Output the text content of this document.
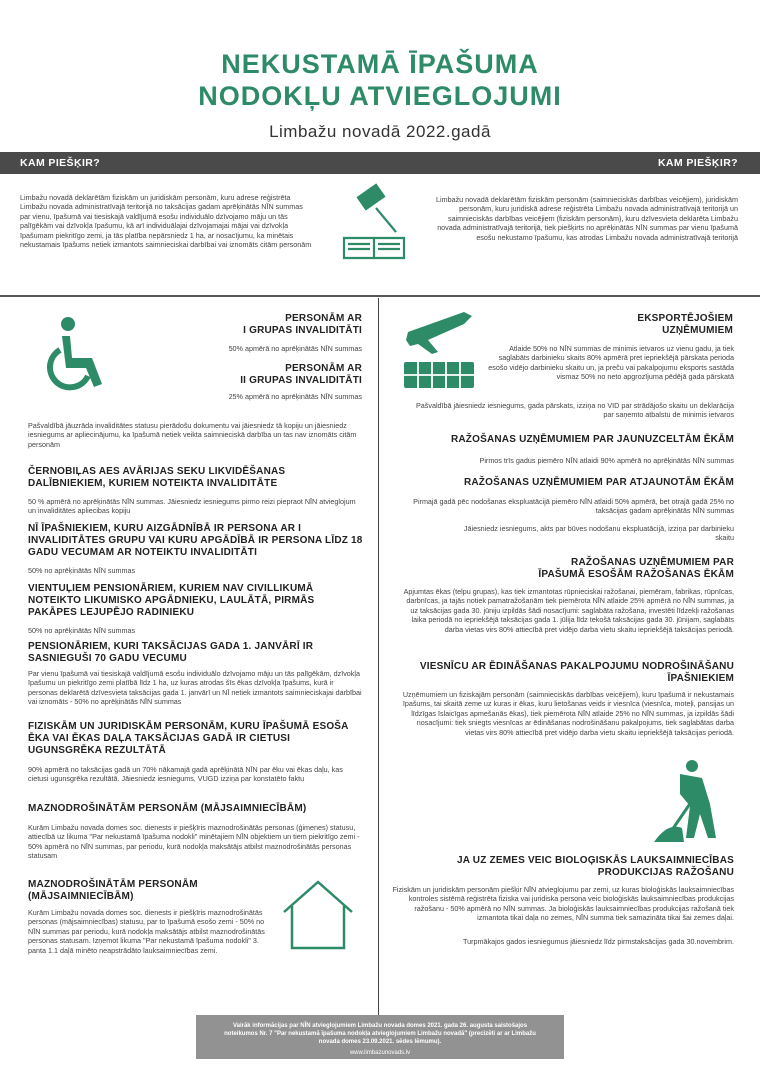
NEKUSTAMĀ ĪPAŠUMA
NODOKĻU ATVIEGLOJUMI
Limbažu novadā 2022.gadā
KAM PIEŠĶIR?	KAM PIEŠĶIR?
Limbažu novadā deklarētām fiziskām un juridiskām personām, kuru adrese reģistrēta Limbažu novada administratīvajā teritorijā no taksācijas gadam aprēķinātās NĪN summas par vienu, īpašumā vai tiesiskajā valdījumā esošu individuālo dzīvojamo māju un tās palīgēkām vai dzīvokļa īpašumu, kā arī individuālajai dzīvojamajai mājai vai dzīvokļa īpašumam piekritīgo zemi, ja tās platība nepārsniedz 1 ha, ar nosacījumu, ka minētais nekustamais īpašums netiek izmantots saimnieciskai darbībai vai iznomāts citām personām
Limbažu novadā deklarētām fiziskām personām (saimnieciskās darbības veicējiem), juridiskām personām, kuru juridiskā adrese reģistrēta Limbažu novada administratīvajā teritorijā un saimnieciskās darbības veicējiem (fiziskām personām), kuru dzīvesvieta deklarēta Limbažu novada administratīvajā teritorijā, tiek piešķirts no aprēķinātās NĪN summas par vienu īpašumā esošu nekustamo īpašumu, kas atrodas Limbažu novada administratīvajā teritorijā
PERSONĀM AR
I GRUPAS INVALIDITĀTI
50% apmērā no aprēķinātās NĪN summas
PERSONĀM AR
II GRUPAS INVALIDITĀTI
25% apmērā no aprēķinātās NĪN summas
Pašvaldībā jāuzrāda invaliditātes statusu pierādošu dokumentu vai jāiesniedz tā kopiju un jāiesniedz iesniegums ar apliecinājumu, ka īpašumā netiek veikta saimnieciskā darbība un tas nav iznomāts citām personām
ČERNOBIĻAS AES AVĀRIJAS SEKU LIKVIDĒŠANAS DALĪBNIEKIEM, KURIEM NOTEIKTA INVALIDITĀTE
50 % apmērā no aprēķinātās NĪN summas. Jāiesniedz iesniegums pirmo reizi piepraot NĪN atvieglojum un invaliditātes apliecibas kopiju
NĪ ĪPAŠNIEKIEM, KURU AIZGĀDNĪBĀ IR PERSONA AR I INVALIDITĀTES GRUPU VAI KURU APGĀDĪBĀ IR PERSONA LĪDZ 18 GADU VECUMAM AR NOTEIKTU INVALIDITĀTI
50% no aprēķinātās NĪN summas
VIENTUĻIEM PENSIONĀRIEM, KURIEM NAV CIVILLIKUMĀ NOTEIKTO LIKUMISKO APGĀDNIEKU, LAULĀTĀ, PIRMĀS PAKĀPES LEJUPĒJO RADINIEKU
50% no aprēķinātās NĪN summas
PENSIONĀRIEM, KURI TAKSĀCIJAS GADA 1. JANVĀRĪ IR SASNIEGUŠI 70 GADU VECUMU
Par vienu īpašumā vai tiesiskajā valdījumā esošu individuālo dzīvojamo māju un tās palīgēkām, dzīvokļa īpašumu un piekritīgo zemi platībā līdz 1 ha, uz kuras atrodas šīs ēkas dzīvokļa īpašums, kurā ir personas deklarētā dzīvesvieta taksācijas gada 1. janvārī un NĪ netiek izmantots saimnieciskajai darbībai vai iznomāts - 50% no aprēķinātās NĪN summas
FIZISKĀM UN JURIDISKĀM PERSONĀM, KURU ĪPAŠUMĀ ESOŠA ĒKA VAI ĒKAS DAĻA TAKSĀCIJAS GADĀ IR CIETUSI UGUNSGRĒKA REZULTĀTĀ
90% apmērā no taksācijas gadā un 70% nākamajā gadā aprēķinātā NĪN par ēku vai ēkas daļu, kas cietusi ugunsgrēka rezultātā. Jāiesniedz iesniegums, VUGD izziņa par konstatēto faktu
MAZNODROŠINĀTĀM PERSONĀM (MĀJSAIMNIECĪBĀM)
Kurām Limbažu novada domes soc. dienests ir piešķīris maznodrošinātās personas (ģimenes) statusu, attiecībā uz likuma "Par nekustamā īpašuma nodokli" minētajiem NĪN objektiem un tiem piekritīgo zemi - 50% apmērā no NĪN summas, par periodu, kurā nodokļa maksātājs atbilst maznodrošinātās personas statusam
MAZNODROŠINĀTĀM PERSONĀM
(MĀJSAIMNIECĪBĀM)
Kurām Limbažu novada domes soc. dienests ir piešķīris maznodrošinātās personas (mājsaimniecības) statusu, par to īpašumā esošo zemi - 50% no NĪN summas par periodu, kurā nodokļa maksātājs atbilst maznodrošinātās personas statusam. Izņemot likuma "Par nekustamā īpašuma nodokli" 3. panta 1.1 daļā minēto neapstrādāto lauksaimniecības zemi.
EKSPORTĒJOŠIEM
UZŅĒMUMIEM
Atlaide 50% no NĪN summas de minimis ietvaros uz vienu gadu, ja tiek saglabāts darbinieku skaits 80% apmērā pret iepriekšējā pārskata perioda esošo vidējo darbinieku skaitu un, ja preču vai pakalpojumu eksports sastāda vismaz 50% no neto apgrozījuma pēdējā gada pārskatā
Pašvaldībā jāiesniedz iesniegums, gada pārskats, izziņa no VID par strādājošo skaitu un deklarācija par saņemto atbalstu de minimis ietvaros
RAŽOŠANAS UZŅĒMUMIEM PAR JAUNUZCELTĀM ĒKĀM
Pirmos trīs gadus piemēro NĪN atlaidi 90% apmērā no aprēķinātās NĪN summas
RAŽOŠANAS UZŅĒMUMIEM PAR ATJAUNOTĀM ĒKĀM
Pirmajā gadā pēc nodošanas ekspluatācijā piemēro NĪN atlaidi 50% apmērā, bet otrajā gadā 25% no taksācijas gadam aprēķinātās NĪN summas
Jāiesniedz iesniegums, akts par būves nodošanu ekspluatācijā, izziņa par darbinieku skaitu
RAŽOŠANAS UZŅĒMUMIEM PAR
ĪPAŠUMĀ ESOŠĀM RAŽOŠANAS ĒKĀM
Apjumtas ēkas (telpu grupas), kas tiek izmantotas rūpnieciskai ražošanai, piemēram, fabrikas, rūpnīcas, darbnīcas, ja tajās notiek pamatražošanām tiek piemērota NĪN atlaide 25% apmērā no NĪN summas, ja uz taksācijas gada 30. jūniju izpildās šādi nosacījumi: saglabāta ražošana, investēti līdzekļi ražošanas laika periodā no iepriekšējā taksācijas gada 1. jūlija līdz tekošā taksācijas gada 30. jūnijam, saglabāts darba vietas virs 80% attiecībā pret vidējo darba vietu skaitu iepriekšējā taksācijas periodā.
VIESNĪCU AR ĒDINĀŠANAS PAKALPOJUMU NODROŠINĀŠANU
ĪPAŠNIEKIEM
Uzņēmumiem un fiziskajām personām (saimnieciskās darbības veicējiem), kuru īpašumā ir nekustamais īpašums, tai skaitā zeme uz kuras ir ēkas, kuru lietošanas veids ir viesnīca (viesnīca, moteļi, pansijas un līdzīgas īslaicīgas apmešanās ēkas), tiek piemērota NĪN atlaide 25% no NĪN summas, ja izpildās šādi nosacījumi: tiek sniegts viesnīcas ar ēdināšanas nodrošināšanu pakalpojums, tiek saglabātas darba vietas virs 80% attiecībā pret vidējo darba vietu skaitu iepriekšējā taksācijas periodā.
JA UZ ZEMES VEIC BIOLOĢISKĀS LAUKSAIMNIECĪBAS
PRODUKCIJAS RAŽOŠANU
Fiziskām un juridiskām personām piešķir NĪN atvieglojumu par zemi, uz kuras bioloģiskās lauksaimniecības kontroles sistēmā reģistrēta fiziska vai juridiska persona veic bioloģiskās lauksaimniecības produkcijas ražošanu - 50% apmērā no NĪN summas. Ja bioloģiskās lauksaimniecības produkcijas ražošanā tiek izmantota tikai daļa no zemes, NĪN summa tiek samazināta tikai šai zemes daļai.
Turpmākajos gados iesniegumus jāiesniedz līdz pirmstaksācijas gada 30.novembrim.
Vairāk informācijas par NĪN atvieglojumiem Limbažu novada domes 2021. gada 26. augusta saistošajos noteikumos Nr. 7 "Par nekustamā īpašuma nodokļa atvieglojumiem Limbažu novadā" (precizēti ar ar Limbažu novada domes 23.09.2021. sēdes lēmumu).
www.limbazunovads.lv
